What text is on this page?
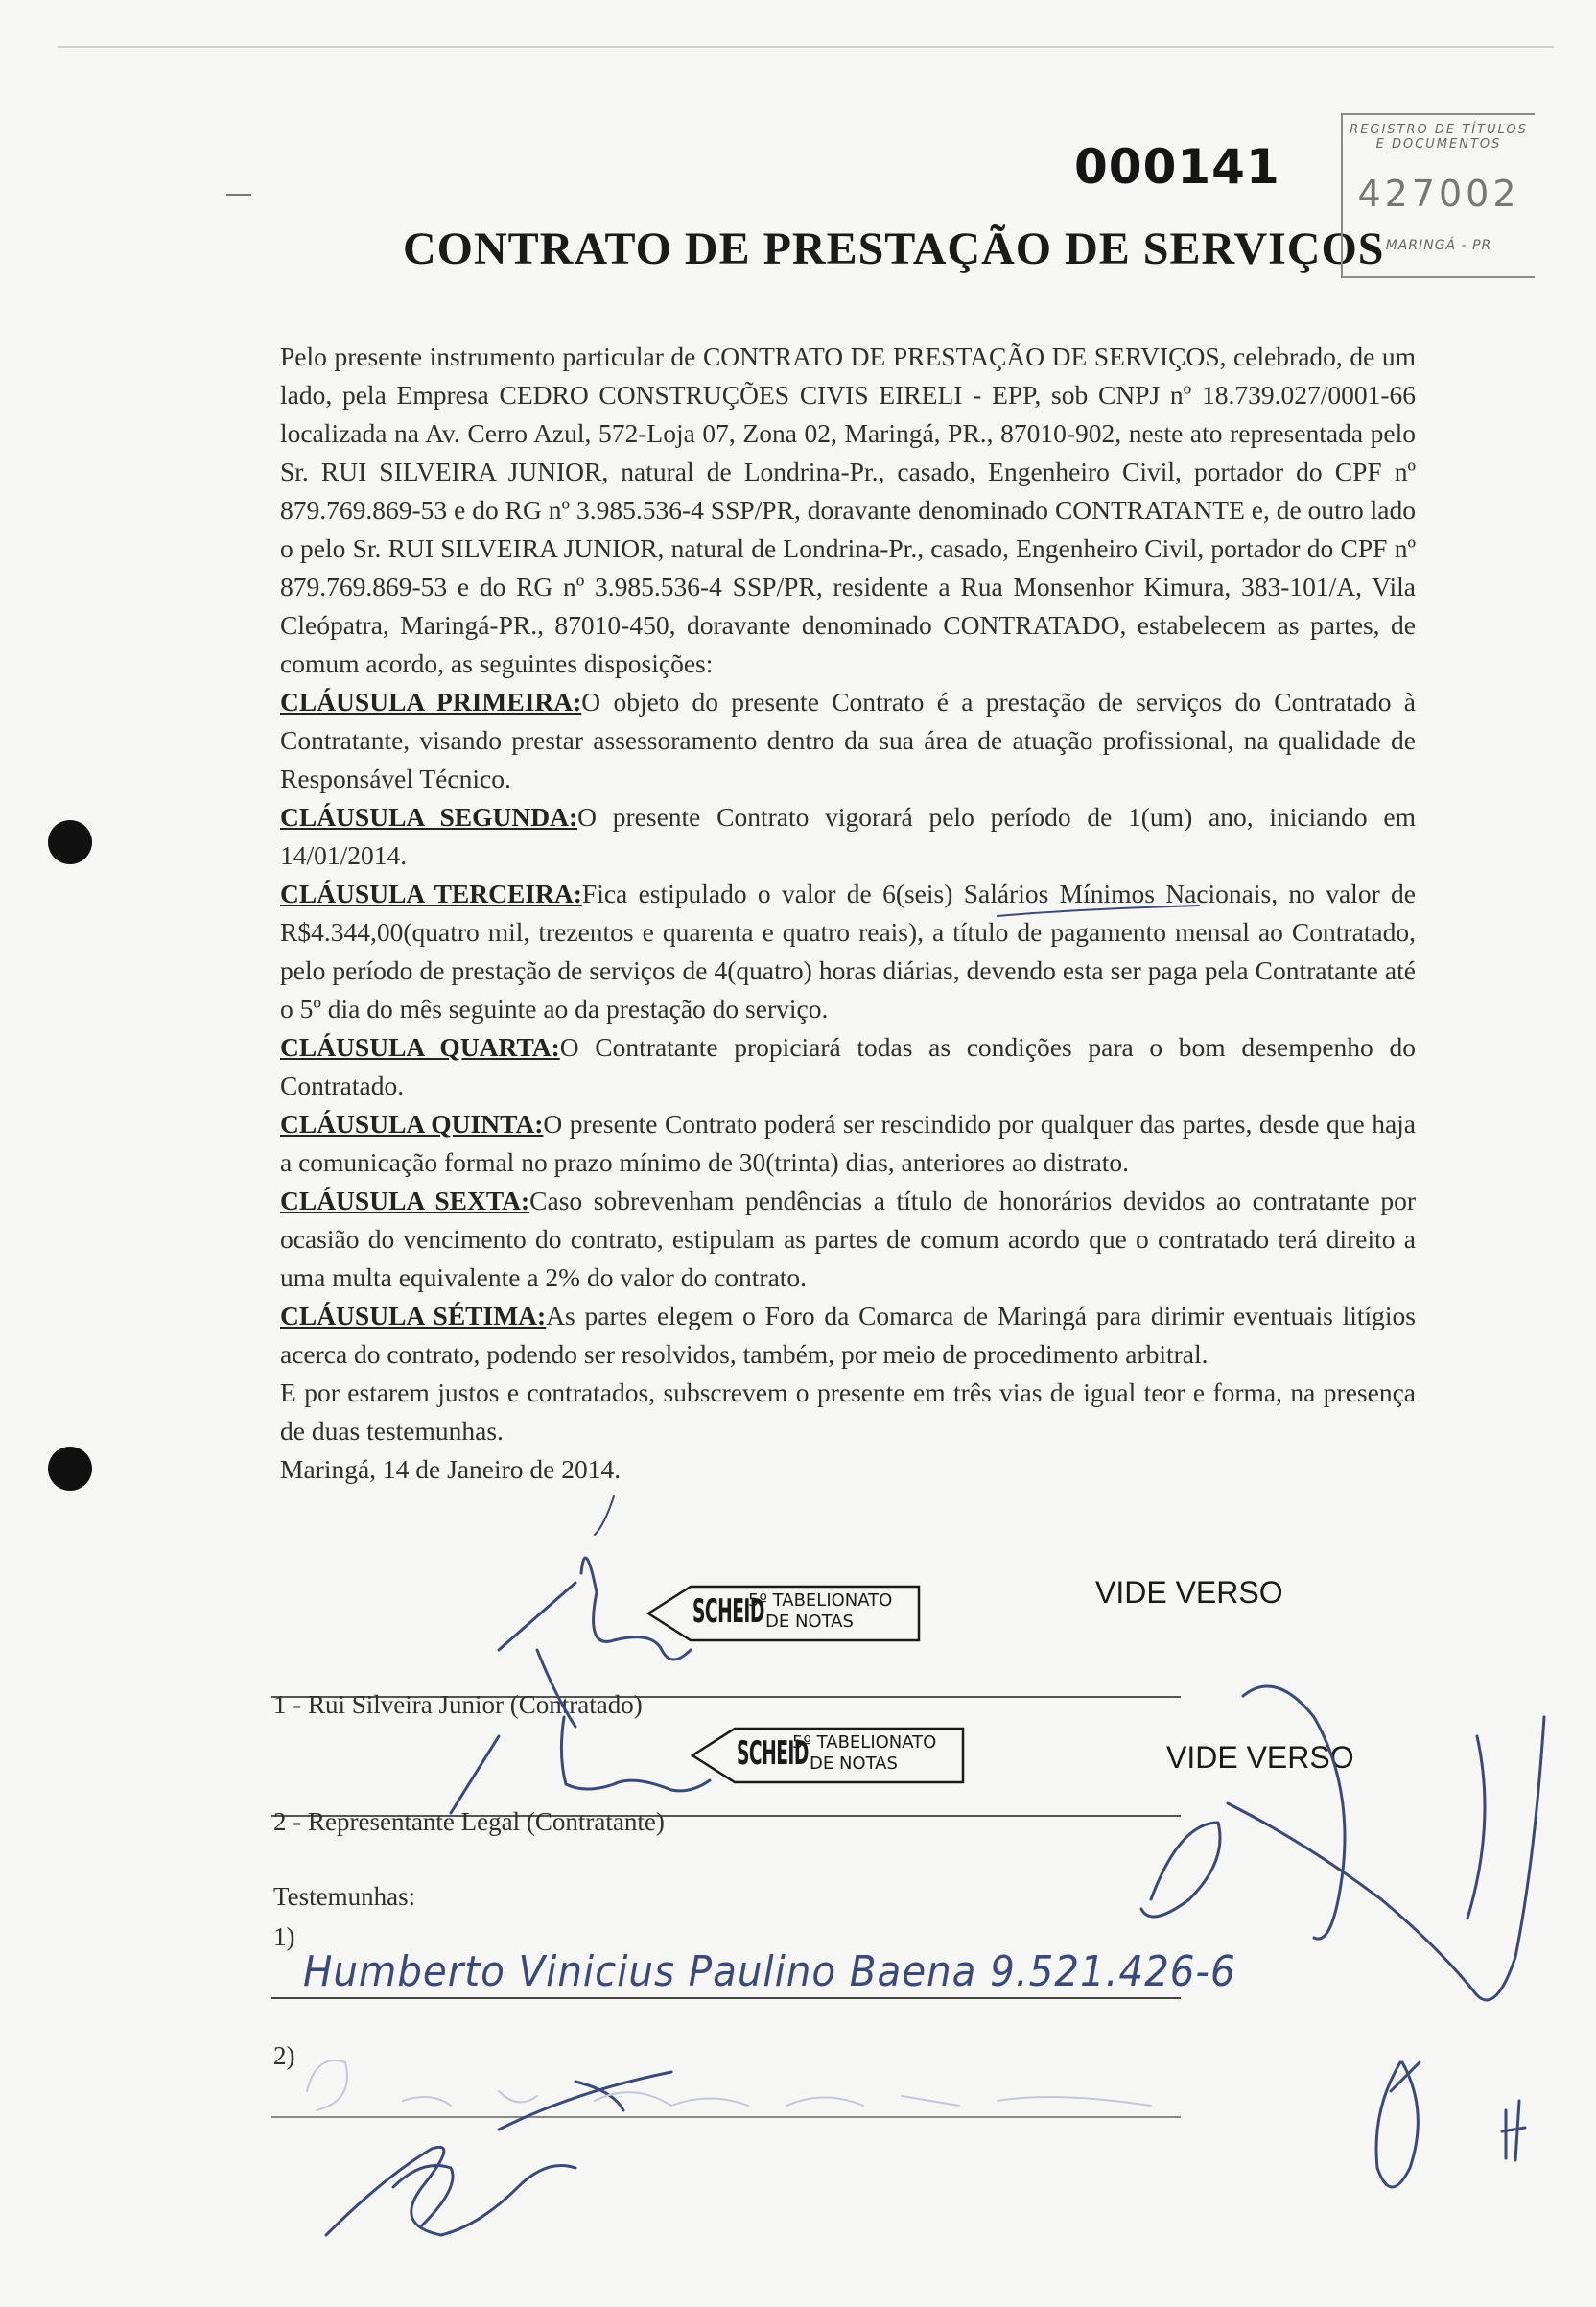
000141
CONTRATO DE PRESTAÇÃO DE SERVIÇOS
REGISTRO DE TÍTULOS
E DOCUMENTOS
427002
MARINGÁ - PR

Pelo presente instrumento particular de CONTRATO DE PRESTAÇÃO DE SERVIÇOS, celebrado, de um lado, pela Empresa CEDRO CONSTRUÇÕES CIVIS EIRELI - EPP, sob CNPJ nº 18.739.027/0001-66 localizada na Av. Cerro Azul, 572-Loja 07, Zona 02, Maringá, PR., 87010-902, neste ato representada pelo Sr. RUI SILVEIRA JUNIOR, natural de Londrina-Pr., casado, Engenheiro Civil, portador do CPF nº 879.769.869-53 e do RG nº 3.985.536-4 SSP/PR, doravante denominado CONTRATANTE e, de outro lado o pelo Sr. RUI SILVEIRA JUNIOR, natural de Londrina-Pr., casado, Engenheiro Civil, portador do CPF nº 879.769.869-53 e do RG nº 3.985.536-4 SSP/PR, residente a Rua Monsenhor Kimura, 383-101/A, Vila Cleópatra, Maringá-PR., 87010-450, doravante denominado CONTRATADO, estabelecem as partes, de comum acordo, as seguintes disposições:

CLÁUSULA PRIMEIRA:O objeto do presente Contrato é a prestação de serviços do Contratado à Contratante, visando prestar assessoramento dentro da sua área de atuação profissional, na qualidade de Responsável Técnico.

CLÁUSULA SEGUNDA:O presente Contrato vigorará pelo período de 1(um) ano, iniciando em 14/01/2014.

CLÁUSULA TERCEIRA:Fica estipulado o valor de 6(seis) Salários Mínimos Nacionais, no valor de R$4.344,00(quatro mil, trezentos e quarenta e quatro reais), a título de pagamento mensal ao Contratado, pelo período de prestação de serviços de 4(quatro) horas diárias, devendo esta ser paga pela Contratante até o 5º dia do mês seguinte ao da prestação do serviço.

CLÁUSULA QUARTA:O Contratante propiciará todas as condições para o bom desempenho do Contratado.

CLÁUSULA QUINTA:O presente Contrato poderá ser rescindido por qualquer das partes, desde que haja a comunicação formal no prazo mínimo de 30(trinta) dias, anteriores ao distrato.

CLÁUSULA SEXTA:Caso sobrevenham pendências a título de honorários devidos ao contratante por ocasião do vencimento do contrato, estipulam as partes de comum acordo que o contratado terá direito a uma multa equivalente a 2% do valor do contrato.

CLÁUSULA SÉTIMA:As partes elegem o Foro da Comarca de Maringá para dirimir eventuais litígios acerca do contrato, podendo ser resolvidos, também, por meio de procedimento arbitral.

E por estarem justos e contratados, subscrevem o presente em três vias de igual teor e forma, na presença de duas testemunhas.

Maringá, 14 de Janeiro de 2014.

SCHEID
5º TABELIONATO
DE NOTAS
VIDE VERSO
1 - Rui Silveira Junior (Contratado)
SCHEID
5º TABELIONATO
DE NOTAS	VIDE VERSO
2 - Representante Legal (Contratante)
Testemunhas:
1)
Humberto Vinicius Paulino Baena 9.521.426-6
2)
